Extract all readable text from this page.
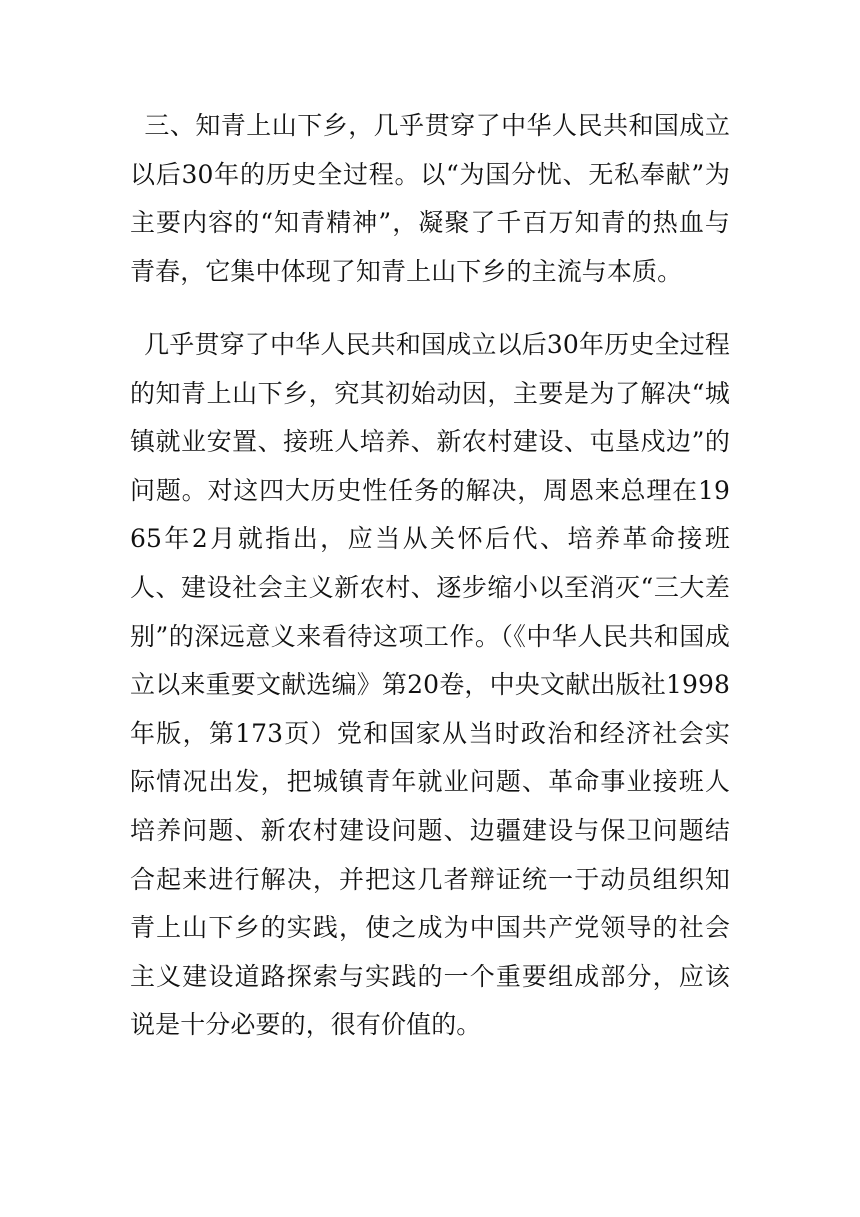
三、知青上山下乡，几乎贯穿了中华人民共和国成立以后30年的历史全过程。以“为国分忧、无私奉献”为主要内容的“知青精神”，凝聚了千百万知青的热血与青春，它集中体现了知青上山下乡的主流与本质。

几乎贯穿了中华人民共和国成立以后30年历史全过程的知青上山下乡，究其初始动因，主要是为了解决“城镇就业安置、接班人培养、新农村建设、屯垦戍边”的问题。对这四大历史性任务的解决，周恩来总理在1965年2月就指出，应当从关怀后代、培养革命接班人、建设社会主义新农村、逐步缩小以至消灭“三大差别”的深远意义来看待这项工作。（《中华人民共和国成立以来重要文献选编》第20卷，中央文献出版社1998年版，第173页）党和国家从当时政治和经济社会实际情况出发，把城镇青年就业问题、革命事业接班人培养问题、新农村建设问题、边疆建设与保卫问题结合起来进行解决，并把这几者辩证统一于动员组织知青上山下乡的实践，使之成为中国共产党领导的社会主义建设道路探索与实践的一个重要组成部分，应该说是十分必要的，很有价值的。
